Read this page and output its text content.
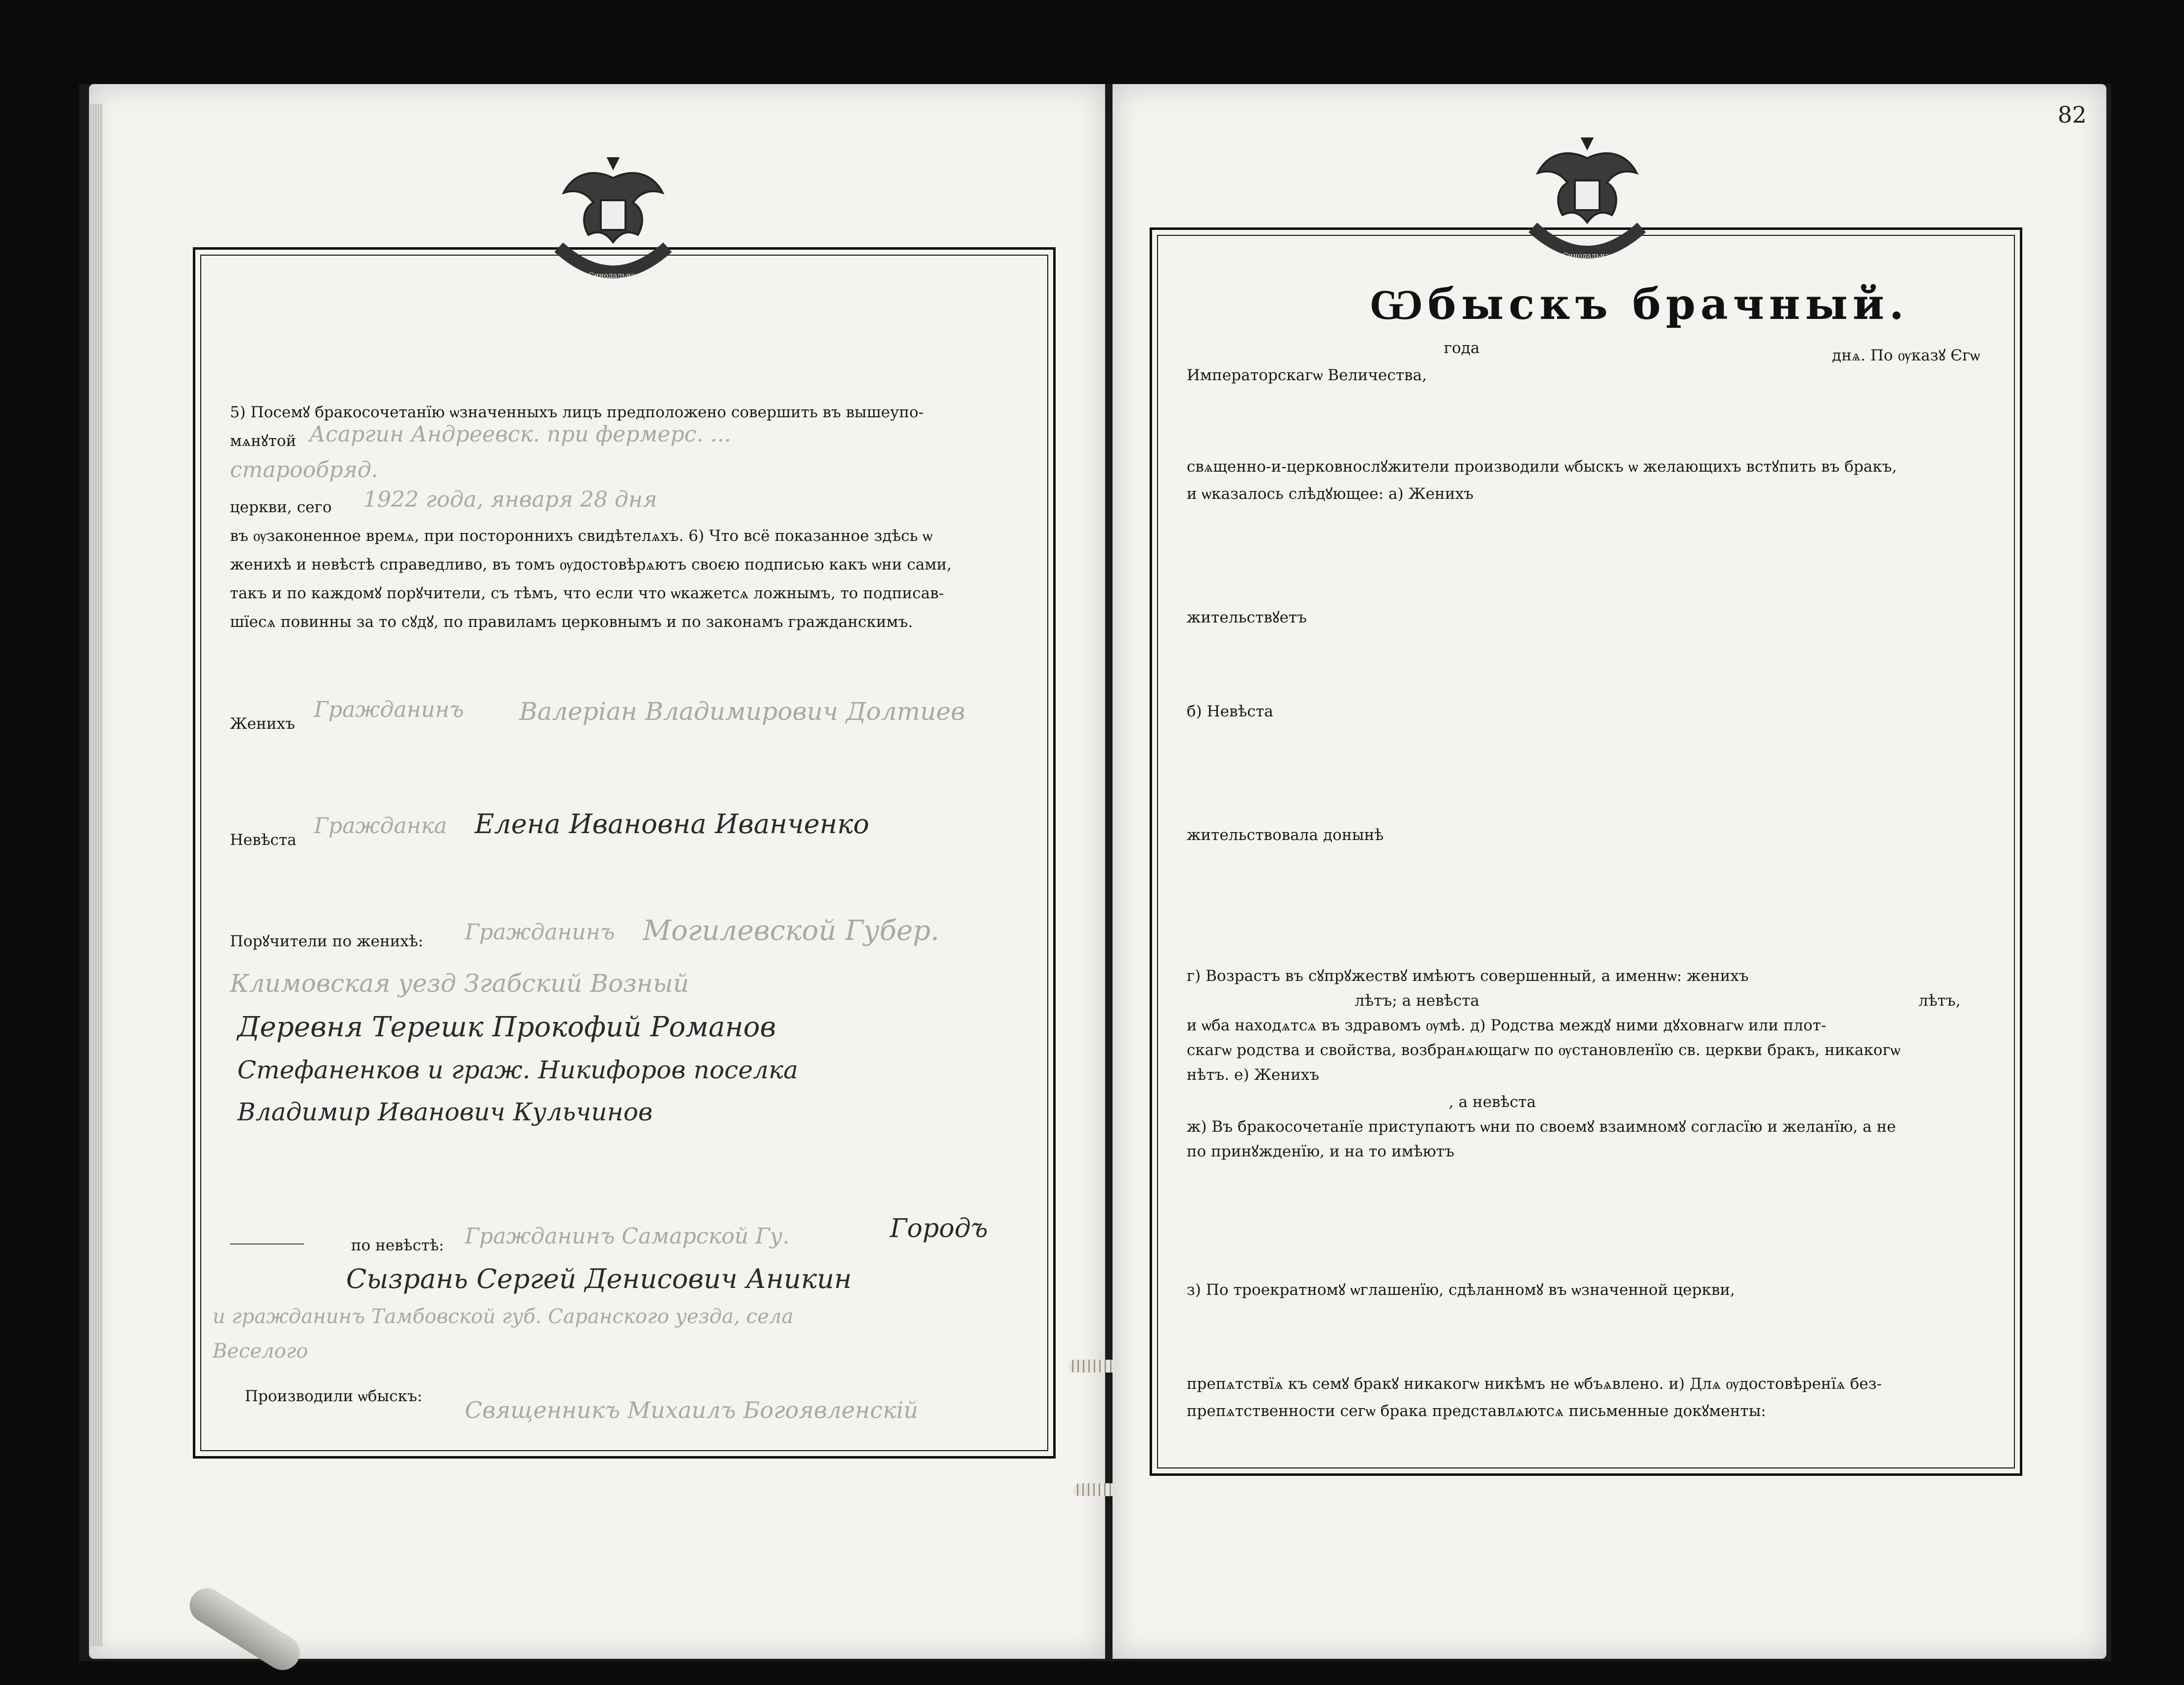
Московская Синодальная Типографiя
5) Посемꙋ бракосочетанїю ѡзначенныхъ лицъ предположено совершить въ вышеупо-
мѧнꙋтой Асаргин Андреевск. при фермерс. ...
старообряд.
церкви, сего 1922 года, января 28 дня
въ ѹзаконенное времѧ, при постороннихъ свидѣтелѧхъ. 6) Что всё показанное здѣсь ѡ
женихѣ и невѣстѣ справедливо, въ томъ ѹдостовѣрѧютъ своєю подписью какъ ѡни сами,
такъ и по каждомꙋ порꙋчители, съ тѣмъ, что если что ѡкажетсѧ ложнымъ, то подписав-
шїесѧ повинны за то сꙋдꙋ, по правиламъ церковнымъ и по законамъ гражданскимъ.
Женихъ
Гражданинъ Валерiан Владимирович Долтиев
Невѣста
Гражданка Елена Ивановна Иванченко
Порꙋчители по женихѣ: Гражданинъ Могилевской Губер.
Климовская уезд Згабский Возный
Деревня Терешк Прокофий Романов
Стефаненков и граж. Никифоров поселка
Владимир Иванович Кульчинов
по невѣстѣ: Гражданинъ Самарской Гу.	Городъ
Сызрань Сергей Денисович Аникин
и гражданинъ Тамбовской губ. Саранского уезда, села
Веселого
Производили ѡбыскъ:
Священникъ Михаилъ Богоявленскiй
82
Московская Синодальная Типографiя
Ѡбыскъ брачный.
года	днѧ. По ѹказꙋ Єгѡ
Императорскагѡ Величества,
свѧщенно-и-церковнослꙋжители производили ѡбыскъ ѡ желающихъ встꙋпить въ бракъ,
и ѡказалось слѣдꙋющее: а) Женихъ
жительствꙋетъ
б) Невѣста
жительствовала донынѣ
г) Возрастъ въ сꙋпрꙋжествꙋ имѣютъ совершенный, а именнѡ: женихъ
лѣтъ; а невѣста	лѣтъ,
и ѡба находѧтсѧ въ здравомъ ѹмѣ. д) Родства междꙋ ними дꙋховнагѡ или плот-
скагѡ родства и свойства, возбранѧющагѡ по ѹстановленїю св. церкви бракъ, никакогѡ
нѣтъ. е) Женихъ
, а невѣста
ж) Въ бракосочетанїе приступаютъ ѡни по своемꙋ взаимномꙋ согласїю и желанїю, а не
по принꙋжденїю, и на то имѣютъ
з) По троекратномꙋ ѡглашенїю, сдѣланномꙋ въ ѡзначенной церкви,
препѧтствїѧ къ семꙋ бракꙋ никакогѡ никѣмъ не ѡбъѧвлено. и) Длѧ ѹдостовѣренїѧ без-
препѧтственности сегѡ брака представлѧютсѧ письменные докꙋменты:
